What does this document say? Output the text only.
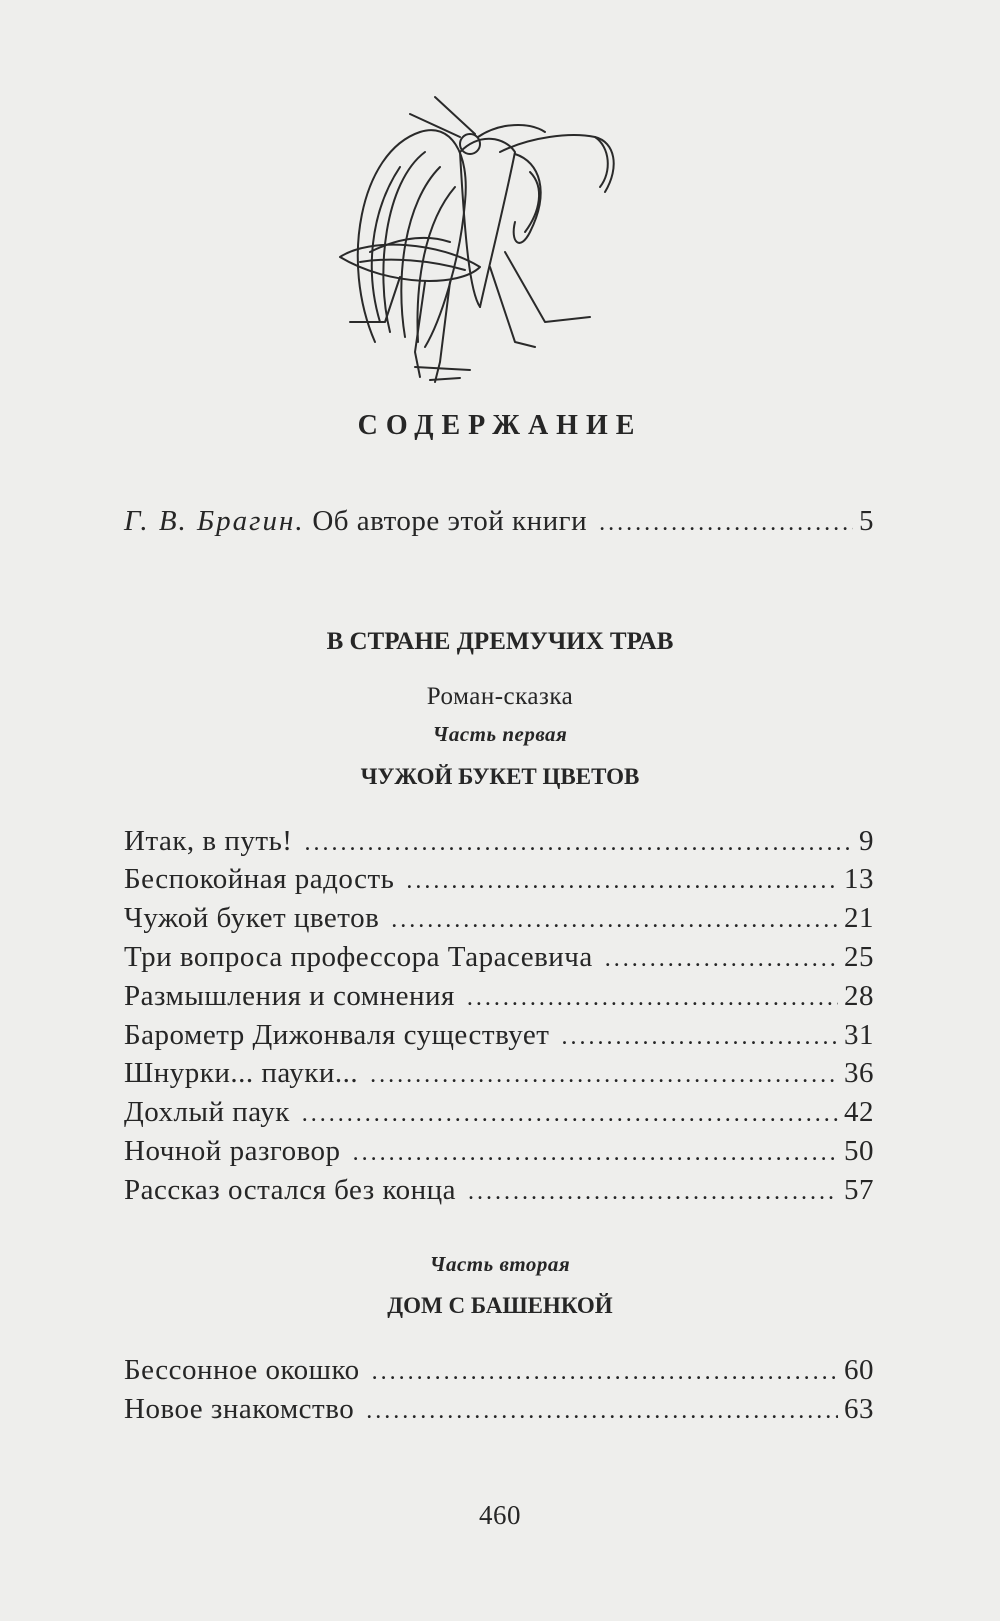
СОДЕРЖАНИЕ
Г. В. Брагин. Об авторе этой книги .....	5
В СТРАНЕ ДРЕМУЧИХ ТРАВ
Роман-сказка
Часть первая
ЧУЖОЙ БУКЕТ ЦВЕТОВ
Итак, в путь! .....	9
Беспокойная радость .....	13
Чужой букет цветов .....	21
Три вопроса профессора Тарасевича .....	25
Размышления и сомнения .....	28
Барометр Дижонваля существует .....	31
Шнурки... пауки... .....	36
Дохлый паук .....	42
Ночной разговор .....	50
Рассказ остался без конца .....	57
Часть вторая
ДОМ С БАШЕНКОЙ
Бессонное окошко .....	60
Новое знакомство .....	63
460
